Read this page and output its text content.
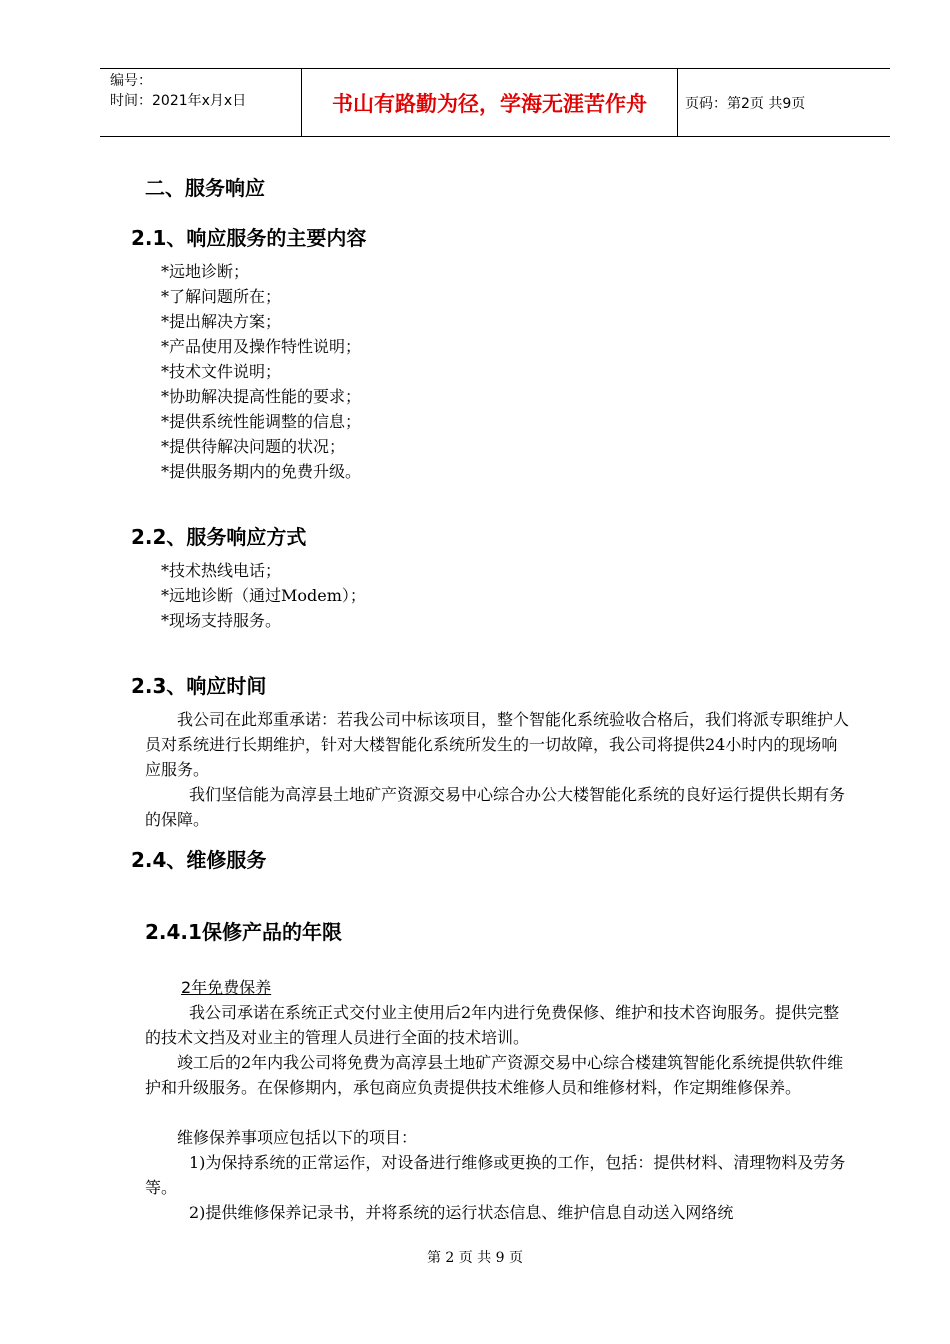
编号：
时间：2021年x月x日	书山有路勤为径，学海无涯苦作舟	页码：第2页 共9页
二、服务响应
2.1、响应服务的主要内容
*远地诊断；
*了解问题所在；
*提出解决方案；
*产品使用及操作特性说明；
*技术文件说明；
*协助解决提高性能的要求；
*提供系统性能调整的信息；
*提供待解决问题的状况；
*提供服务期内的免费升级。
2.2、服务响应方式
*技术热线电话；
*远地诊断（通过Modem）；
*现场支持服务。
2.3、响应时间

我公司在此郑重承诺：若我公司中标该项目，整个智能化系统验收合格后，我们将派专职维护人员对系统进行长期维护，针对大楼智能化系统所发生的一切故障，我公司将提供24小时内的现场响应服务。

我们坚信能为高淳县土地矿产资源交易中心综合办公大楼智能化系统的良好运行提供长期有务的保障。

2.4、维修服务
2.4.1保修产品的年限
2年免费保养

我公司承诺在系统正式交付业主使用后2年内进行免费保修、维护和技术咨询服务。提供完整的技术文挡及对业主的管理人员进行全面的技术培训。

竣工后的2年内我公司将免费为高淳县土地矿产资源交易中心综合楼建筑智能化系统提供软件维护和升级服务。在保修期内，承包商应负责提供技术维修人员和维修材料，作定期维修保养。

维修保养事项应包括以下的项目：

1)为保持系统的正常运作，对设备进行维修或更换的工作，包括：提供材料、清理物料及劳务等。

2)提供维修保养记录书，并将系统的运行状态信息、维护信息自动送入网络统

第 2 页 共 9 页
